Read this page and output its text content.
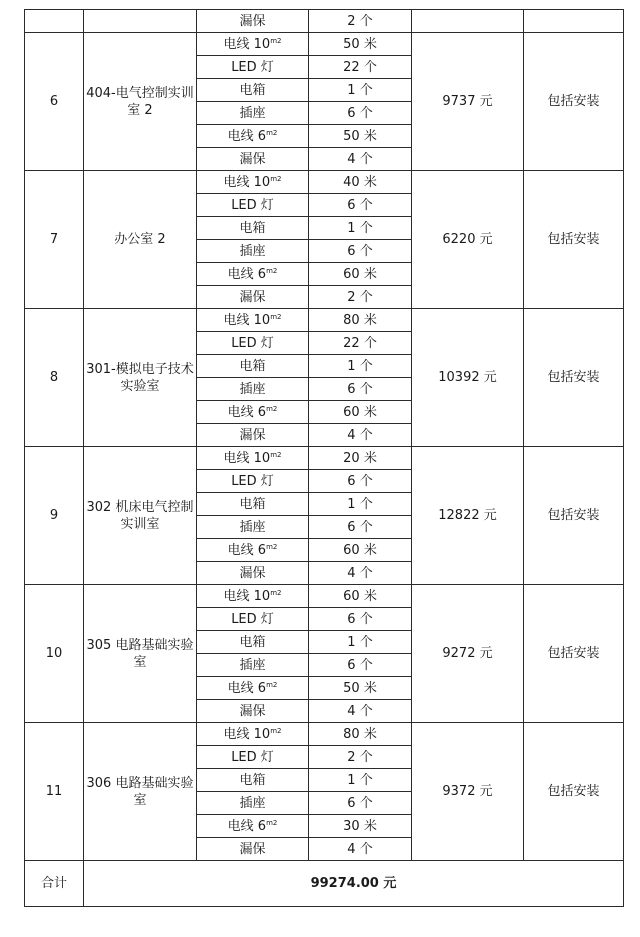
		漏保	2 个		
6	404-电气控制实训室 2	电线 $10^{m2}$	50 米	9737 元	包括安装
		LED 灯	22 个		
		电箱	1 个		
		插座	6 个		
		电线 $6^{m2}$	50 米		
		漏保	4 个		
7	办公室 2	电线 $10^{m2}$	40 米	6220 元	包括安装
		LED 灯	6 个		
		电箱	1 个		
		插座	6 个		
		电线 $6^{m2}$	60 米		
		漏保	2 个		
8	301-模拟电子技术实验室	电线 $10^{m2}$	80 米	10392 元	包括安装
		LED 灯	22 个		
		电箱	1 个		
		插座	6 个		
		电线 $6^{m2}$	60 米		
		漏保	4 个		
9	302 机床电气控制实训室	电线 $10^{m2}$	20 米	12822 元	包括安装
		LED 灯	6 个		
		电箱	1 个		
		插座	6 个		
		电线 $6^{m2}$	60 米		
		漏保	4 个		
10	305 电路基础实验室	电线 $10^{m2}$	60 米	9272 元	包括安装
		LED 灯	6 个		
		电箱	1 个		
		插座	6 个		
		电线 $6^{m2}$	50 米		
		漏保	4 个		
11	306 电路基础实验室	电线 $10^{m2}$	80 米	9372 元	包括安装
		LED 灯	2 个		
		电箱	1 个		
		插座	6 个		
		电线 $6^{m2}$	30 米		
		漏保	4 个		
合计	99274.00 元				
